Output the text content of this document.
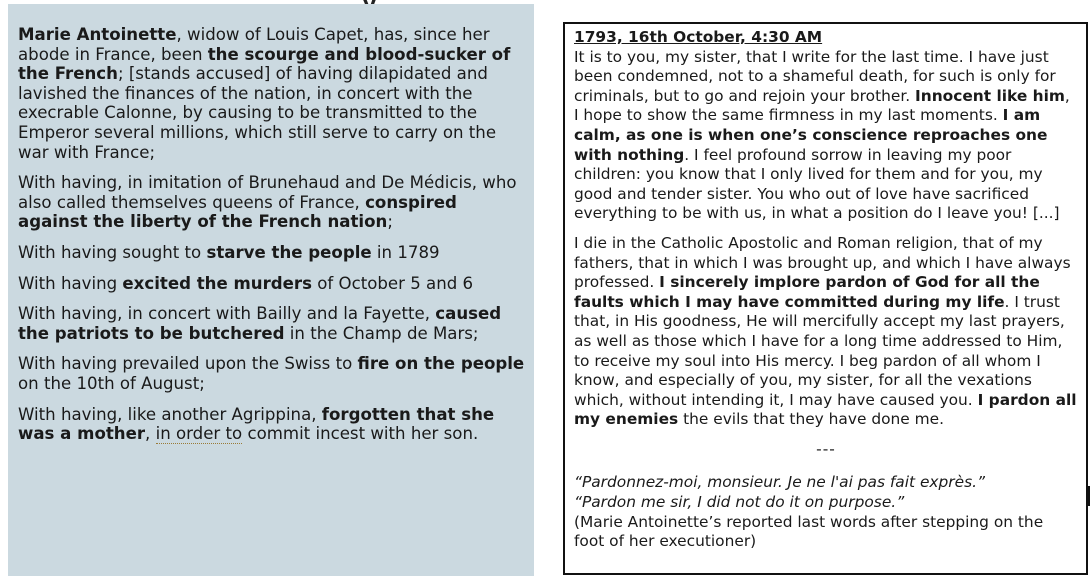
Marie Antoinette, widow of Louis Capet, has, since her abode in France, been the scourge and blood-sucker of the French; [stands accused] of having dilapidated and lavished the finances of the nation, in concert with the execrable Calonne, by causing to be transmitted to the Emperor several millions, which still serve to carry on the war with France;

With having, in imitation of Brunehaud and De Médicis, who also called themselves queens of France, conspired against the liberty of the French nation;

With having sought to starve the people in 1789

With having excited the murders of October 5 and 6

With having, in concert with Bailly and la Fayette, caused the patriots to be butchered in the Champ de Mars;

With having prevailed upon the Swiss to fire on the people on the 10th of August;

With having, like another Agrippina, forgotten that she was a mother, in order to commit incest with her son.

1793, 16th October, 4:30 AM

It is to you, my sister, that I write for the last time. I have just been condemned, not to a shameful death, for such is only for criminals, but to go and rejoin your brother. Innocent like him, I hope to show the same firmness in my last moments. I am calm, as one is when one’s conscience reproaches one with nothing. I feel profound sorrow in leaving my poor children: you know that I only lived for them and for you, my good and tender sister. You who out of love have sacrificed everything to be with us, in what a position do I leave you! [...]

I die in the Catholic Apostolic and Roman religion, that of my fathers, that in which I was brought up, and which I have always professed. I sincerely implore pardon of God for all the faults which I may have committed during my life. I trust that, in His goodness, He will mercifully accept my last prayers, as well as those which I have for a long time addressed to Him, to receive my soul into His mercy. I beg pardon of all whom I know, and especially of you, my sister, for all the vexations which, without intending it, I may have caused you. I pardon all my enemies the evils that they have done me.

---

“Pardonnez-moi, monsieur. Je ne l'ai pas fait exprès.”

“Pardon me sir, I did not do it on purpose.”

(Marie Antoinette’s reported last words after stepping on the foot of her executioner)
